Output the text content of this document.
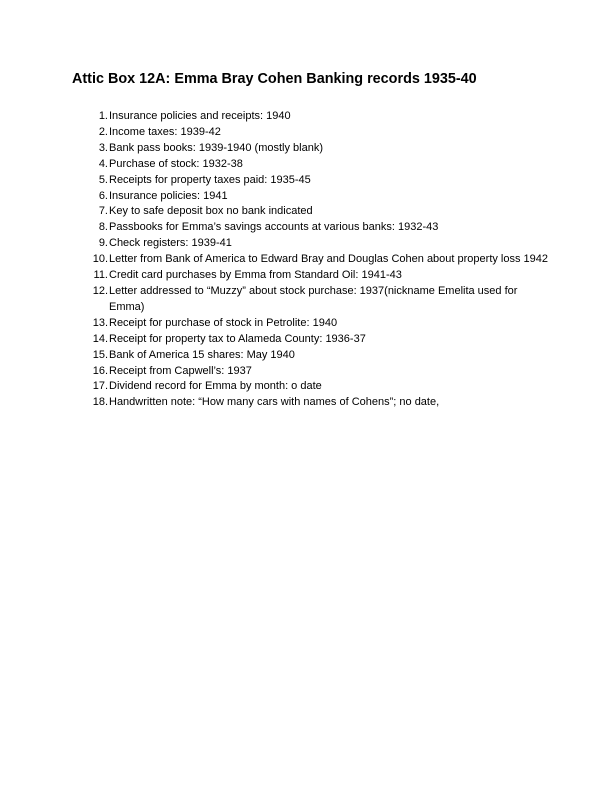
Attic Box 12A: Emma Bray Cohen Banking records 1935-40
1. Insurance policies and receipts: 1940
2. Income taxes: 1939-42
3. Bank pass books: 1939-1940 (mostly blank)
4. Purchase of stock: 1932-38
5. Receipts for property taxes paid: 1935-45
6. Insurance policies: 1941
7. Key to safe deposit box no bank indicated
8. Passbooks for Emma’s savings accounts at various banks: 1932-43
9. Check registers: 1939-41
10. Letter from Bank of America to Edward Bray and Douglas Cohen about property loss 1942
11. Credit card purchases by Emma from Standard Oil: 1941-43
12. Letter addressed to “Muzzy” about stock purchase: 1937(nickname Emelita used for Emma)
13. Receipt for purchase of stock in Petrolite: 1940
14. Receipt for property tax to Alameda County: 1936-37
15. Bank of America 15 shares: May 1940
16. Receipt from Capwell’s: 1937
17. Dividend record for Emma by month: o date
18. Handwritten note: “How many cars with names of Cohens”; no date,
